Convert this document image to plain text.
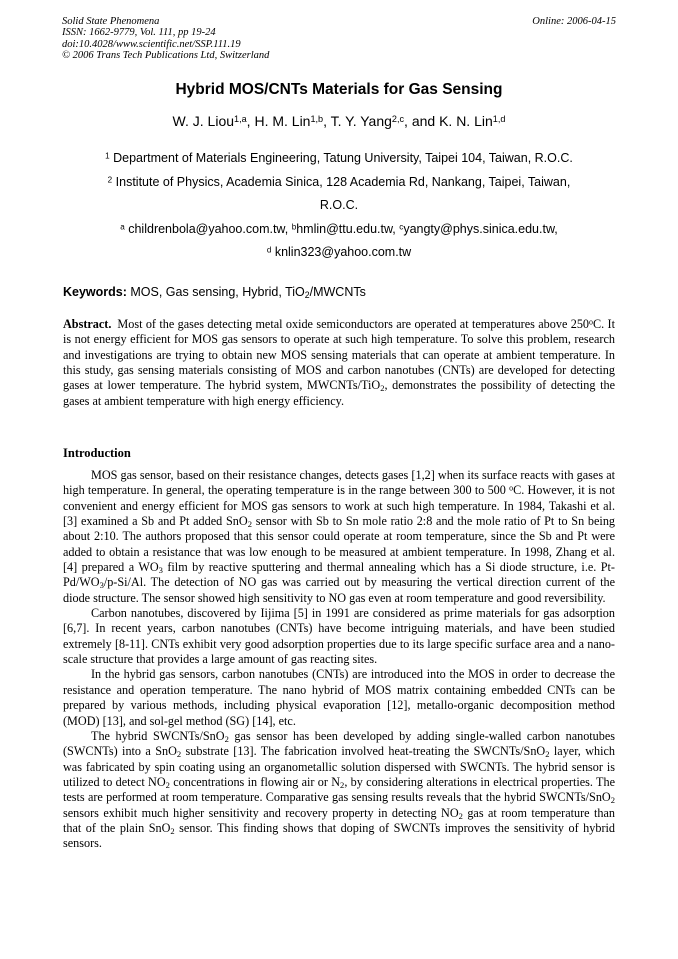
Solid State Phenomena
ISSN: 1662-9779, Vol. 111, pp 19-24
doi:10.4028/www.scientific.net/SSP.111.19
© 2006 Trans Tech Publications Ltd, Switzerland
Online: 2006-04-15
Hybrid MOS/CNTs Materials for Gas Sensing
W. J. Liou$^{1,a}$, H. M. Lin$^{1,b}$, T. Y. Yang$^{2,c}$, and K. N. Lin$^{1,d}$
$^1$ Department of Materials Engineering, Tatung University, Taipei 104, Taiwan, R.O.C.
$^2$ Institute of Physics, Academia Sinica, 128 Academia Rd, Nankang, Taipei, Taiwan,
R.O.C.
$^a$ childrenbola@yahoo.com.tw, $^b$hmlin@ttu.edu.tw, $^c$yangty@phys.sinica.edu.tw,
$^d$ knlin323@yahoo.com.tw
Keywords: MOS, Gas sensing, Hybrid, TiO$_2$/MWCNTs
Abstract. Most of the gases detecting metal oxide semiconductors are operated at temperatures above 250$^o$C. It is not energy efficient for MOS gas sensors to operate at such high temperature. To solve this problem, research and investigations are trying to obtain new MOS sensing materials that can operate at ambient temperature. In this study, gas sensing materials consisting of MOS and carbon nanotubes (CNTs) are developed for detecting gases at lower temperature. The hybrid system, MWCNTs/TiO$_2$, demonstrates the possibility of detecting the gases at ambient temperature with high energy efficiency.
Introduction

MOS gas sensor, based on their resistance changes, detects gases [1,2] when its surface reacts with gases at high temperature. In general, the operating temperature is in the range between 300 to 500 $^o$C. However, it is not convenient and energy efficient for MOS gas sensors to work at such high temperature. In 1984, Takashi et al. [3] examined a Sb and Pt added SnO$_2$ sensor with Sb to Sn mole ratio 2:8 and the mole ratio of Pt to Sn being about 2:10. The authors proposed that this sensor could operate at room temperature, since the Sb and Pt were added to obtain a resistance that was low enough to be measured at ambient temperature. In 1998, Zhang et al. [4] prepared a $WO_3$ film by reactive sputtering and thermal annealing which has a Si diode structure, i.e. $Pt-Pd/WO_3/p-Si/Al$. The detection of NO gas was carried out by measuring the vertical direction current of the diode structure. The sensor showed high sensitivity to NO gas even at room temperature and good reversibility.

Carbon nanotubes, discovered by Iijima [5] in 1991 are considered as prime materials for gas adsorption [6,7]. In recent years, carbon nanotubes (CNTs) have become intriguing materials, and have been studied extremely [8-11]. CNTs exhibit very good adsorption properties due to its large specific surface area and a nano-scale structure that provides a large amount of gas reacting sites.

In the hybrid gas sensors, carbon nanotubes (CNTs) are introduced into the MOS in order to decrease the resistance and operation temperature. The nano hybrid of MOS matrix containing embedded CNTs can be prepared by various methods, including physical evaporation [12], metallo-organic decomposition method (MOD) [13], and sol-gel method (SG) [14], etc.

The hybrid SWCNTs/SnO$_2$ gas sensor has been developed by adding single-walled carbon nanotubes (SWCNTs) into a SnO$_2$ substrate [13]. The fabrication involved heat-treating the SWCNTs/SnO$_2$ layer, which was fabricated by spin coating using an organometallic solution dispersed with SWCNTs. The hybrid sensor is utilized to detect $NO_2$ concentrations in flowing air or $N_2$, by considering alterations in electrical properties. The tests are performed at room temperature. Comparative gas sensing results reveals that the hybrid SWCNTs/SnO$_2$ sensors exhibit much higher sensitivity and recovery property in detecting $NO_2$ gas at room temperature than that of the plain SnO$_2$ sensor. This finding shows that doping of SWCNTs improves the sensitivity of hybrid sensors.
